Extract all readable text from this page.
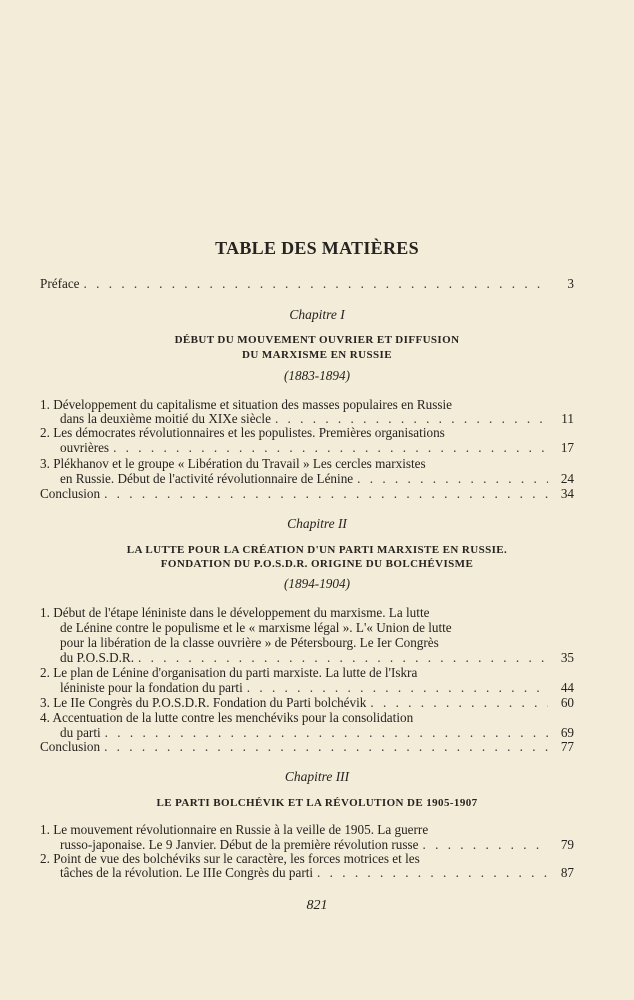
TABLE DES MATIÈRES
Préface . . .	3
Chapitre I
DÉBUT DU MOUVEMENT OUVRIER ET DIFFUSION
DU MARXISME EN RUSSIE
(1883-1894)
1. Développement du capitalisme et situation des masses populaires en Russie
dans la deuxième moitié du XIXe siècle . . .	11
2. Les démocrates révolutionnaires et les populistes. Premières organisations
ouvrières . . .	17
3. Plékhanov et le groupe « Libération du Travail » Les cercles marxistes
en Russie. Début de l'activité révolutionnaire de Lénine . . .	24
Conclusion . . .	34
Chapitre II
LA LUTTE POUR LA CRÉATION D'UN PARTI MARXISTE EN RUSSIE.
FONDATION DU P.O.S.D.R. ORIGINE DU BOLCHÉVISME
(1894-1904)
1. Début de l'étape léniniste dans le développement du marxisme. La lutte
de Lénine contre le populisme et le « marxisme légal ». L'« Union de lutte
pour la libération de la classe ouvrière » de Pétersbourg. Le Ier Congrès
du P.O.S.D.R. . . .	35
2. Le plan de Lénine d'organisation du parti marxiste. La lutte de l'Iskra
léniniste pour la fondation du parti . . .	44
3. Le IIe Congrès du P.O.S.D.R. Fondation du Parti bolchévik . . .	60
4. Accentuation de la lutte contre les menchéviks pour la consolidation
du parti . . .	69
Conclusion . . .	77
Chapitre III
LE PARTI BOLCHÉVIK ET LA RÉVOLUTION DE 1905-1907
1. Le mouvement révolutionnaire en Russie à la veille de 1905. La guerre
russo-japonaise. Le 9 Janvier. Début de la première révolution russe . . .	79
2. Point de vue des bolchéviks sur le caractère, les forces motrices et les
tâches de la révolution. Le IIIe Congrès du parti . . .	87
821
